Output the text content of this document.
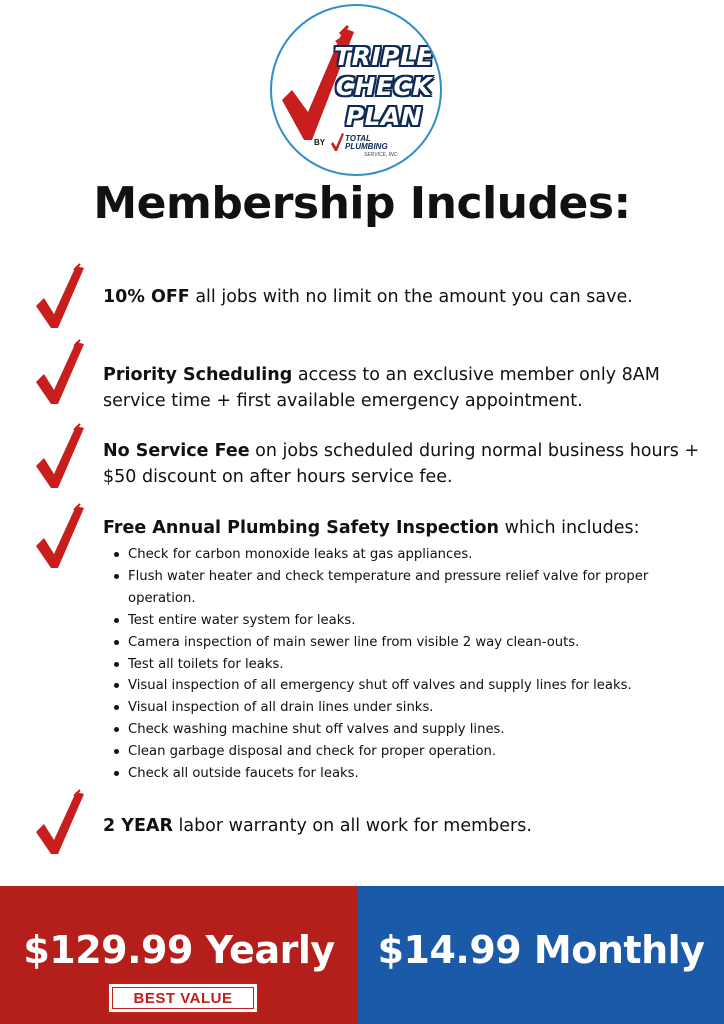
TRIPLE
CHECK
PLAN
BY TOTAL
PLUMBING
SERVICE, INC.
Membership Includes:
10% OFF all jobs with no limit on the amount you can save.
Priority Scheduling access to an exclusive member only 8AM service time + first available emergency appointment.
No Service Fee on jobs scheduled during normal business hours + $50 discount on after hours service fee.
Free Annual Plumbing Safety Inspection which includes:
Check for carbon monoxide leaks at gas appliances.
Flush water heater and check temperature and pressure relief valve for proper operation.
Test entire water system for leaks.
Camera inspection of main sewer line from visible 2 way clean-outs.
Test all toilets for leaks.
Visual inspection of all emergency shut off valves and supply lines for leaks.
Visual inspection of all drain lines under sinks.
Check washing machine shut off valves and supply lines.
Clean garbage disposal and check for proper operation.
Check all outside faucets for leaks.
2 YEAR labor warranty on all work for members.
$129.99 Yearly
BEST VALUE
$14.99 Monthly
